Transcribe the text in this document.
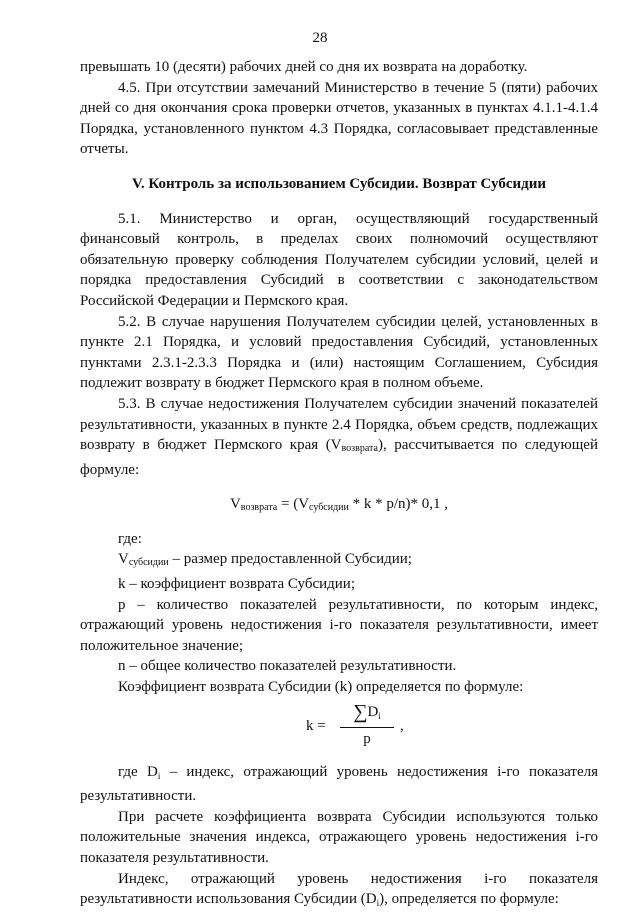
28

превышать 10 (десяти) рабочих дней со дня их возврата на доработку.

4.5. При отсутствии замечаний Министерство в течение 5 (пяти) рабочих дней со дня окончания срока проверки отчетов, указанных в пунктах 4.1.1-4.1.4 Порядка, установленного пунктом 4.3 Порядка, согласовывает представленные отчеты.

V. Контроль за использованием Субсидии. Возврат Субсидии

5.1. Министерство и орган, осуществляющий государственный финансовый контроль, в пределах своих полномочий осуществляют обязательную проверку соблюдения Получателем субсидии условий, целей и порядка предоставления Субсидий в соответствии с законодательством Российской Федерации и Пермского края.

5.2. В случае нарушения Получателем субсидии целей, установленных в пункте 2.1 Порядка, и условий предоставления Субсидий, установленных пунктами 2.3.1-2.3.3 Порядка и (или) настоящим Соглашением, Субсидия подлежит возврату в бюджет Пермского края в полном объеме.

5.3. В случае недостижения Получателем субсидии значений показателей результативности, указанных в пункте 2.4 Порядка, объем средств, подлежащих возврату в бюджет Пермского края $(V_{возврата})$, рассчитывается по следующей формуле:

$V_{возврата} = (V_{субсидии} * k * p/n)*$ 0,1 ,

где:

$V_{субсидии}$ – размер предоставленной Субсидии;

k – коэффициент возврата Субсидии;

p – количество показателей результативности, по которым индекс, отражающий уровень недостижения i-го показателя результативности, имеет положительное значение;

n – общее количество показателей результативности.

Коэффициент возврата Субсидии (k) определяется по формуле:

$k = \frac{\sum D_i}{p}$ ,

где $D_i$ – индекс, отражающий уровень недостижения i-го показателя результативности.

При расчете коэффициента возврата Субсидии используются только положительные значения индекса, отражающего уровень недостижения i-го показателя результативности.

Индекс, отражающий уровень недостижения i-го показателя результативности использования Субсидии $(D_i)$, определяется по формуле:
